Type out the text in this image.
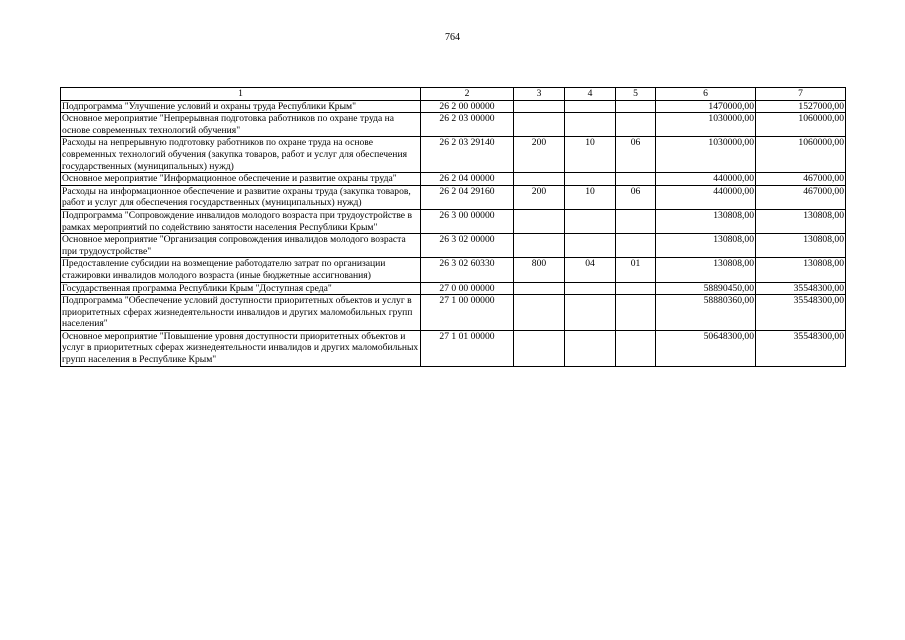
764
1	2	3	4	5	6	7
Подпрограмма "Улучшение условий и охраны труда Республики Крым"	26 2 00 00000				1470000,00	1527000,00
Основное мероприятие "Непрерывная подготовка работников по охране труда на основе современных технологий обучения"	26 2 03 00000				1030000,00	1060000,00
Расходы на непрерывную подготовку работников по охране труда на основе современных технологий обучения (закупка товаров, работ и услуг для обеспечения государственных (муниципальных) нужд)	26 2 03 29140	200	10	06	1030000,00	1060000,00
Основное мероприятие "Информационное обеспечение и развитие охраны труда"	26 2 04 00000				440000,00	467000,00
Расходы на информационное обеспечение и развитие охраны труда (закупка товаров, работ и услуг для обеспечения государственных (муниципальных) нужд)	26 2 04 29160	200	10	06	440000,00	467000,00
Подпрограмма "Сопровождение инвалидов молодого возраста при трудоустройстве в рамках мероприятий по содействию занятости населения Республики Крым"	26 3 00 00000				130808,00	130808,00
Основное мероприятие "Организация сопровождения инвалидов молодого возраста при трудоустройстве"	26 3 02 00000				130808,00	130808,00
Предоставление субсидии на возмещение работодателю затрат по организации стажировки инвалидов молодого возраста (иные бюджетные ассигнования)	26 3 02 60330	800	04	01	130808,00	130808,00
Государственная программа Республики Крым "Доступная среда"	27 0 00 00000				58890450,00	35548300,00
Подпрограмма "Обеспечение условий доступности приоритетных объектов и услуг в приоритетных сферах жизнедеятельности инвалидов и других маломобильных групп населения"	27 1 00 00000				58880360,00	35548300,00
Основное мероприятие "Повышение уровня доступности приоритетных объектов и услуг в приоритетных сферах жизнедеятельности инвалидов и других маломобильных групп населения в Республике Крым"	27 1 01 00000				50648300,00	35548300,00
